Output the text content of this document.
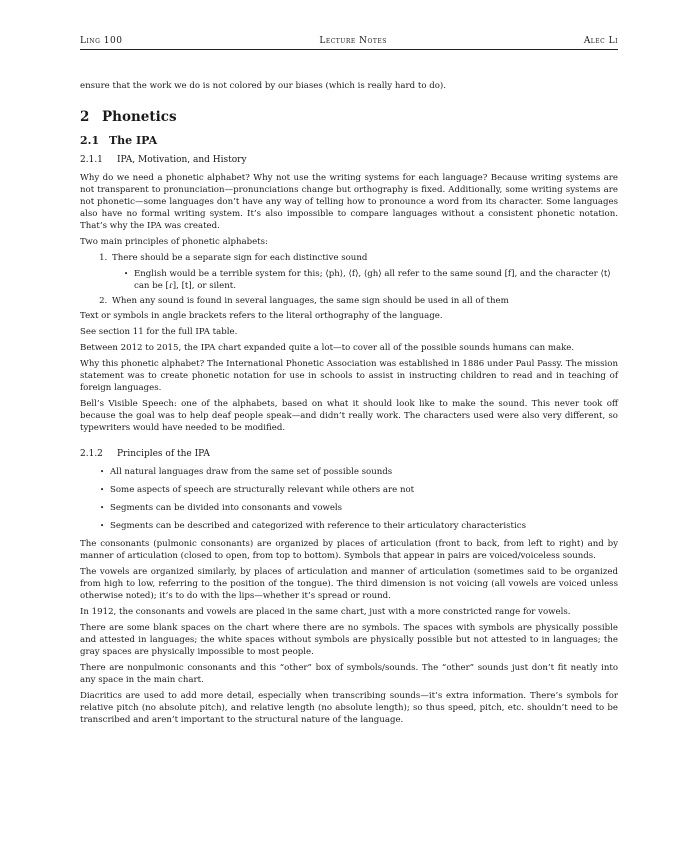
Ling 100	Lecture Notes	Alec Li

ensure that the work we do is not colored by our biases (which is really hard to do).

2 Phonetics
2.1 The IPA
2.1.1 IPA, Motivation, and History

Why do we need a phonetic alphabet? Why not use the writing systems for each language? Because writing systems are not transparent to pronunciation—pronunciations change but orthography is fixed. Additionally, some writing systems are not phonetic—some languages don’t have any way of telling how to pronounce a word from its character. Some languages also have no formal writing system. It’s also impossible to compare languages without a consistent phonetic notation. That’s why the IPA was created.

Two main principles of phonetic alphabets:

1. There should be a separate sign for each distinctive sound
• English would be a terrible system for this; ⟨ph⟩, ⟨f⟩, ⟨gh⟩ all refer to the same sound [f], and the character ⟨t⟩ can be [ɾ], [t], or silent.
2. When any sound is found in several languages, the same sign should be used in all of them

Text or symbols in angle brackets refers to the literal orthography of the language.

See section 11 for the full IPA table.

Between 2012 to 2015, the IPA chart expanded quite a lot—to cover all of the possible sounds humans can make.

Why this phonetic alphabet? The International Phonetic Association was established in 1886 under Paul Passy. The mission statement was to create phonetic notation for use in schools to assist in instructing children to read and in teaching of foreign languages.

Bell’s Visible Speech: one of the alphabets, based on what it should look like to make the sound. This never took off because the goal was to help deaf people speak—and didn’t really work. The characters used were also very different, so typewriters would have needed to be modified.

2.1.2 Principles of the IPA
• All natural languages draw from the same set of possible sounds
• Some aspects of speech are structurally relevant while others are not
• Segments can be divided into consonants and vowels
• Segments can be described and categorized with reference to their articulatory characteristics

The consonants (pulmonic consonants) are organized by places of articulation (front to back, from left to right) and by manner of articulation (closed to open, from top to bottom). Symbols that appear in pairs are voiced/voiceless sounds.

The vowels are organized similarly, by places of articulation and manner of articulation (sometimes said to be organized from high to low, referring to the position of the tongue). The third dimension is not voicing (all vowels are voiced unless otherwise noted); it’s to do with the lips—whether it’s spread or round.

In 1912, the consonants and vowels are placed in the same chart, just with a more constricted range for vowels.

There are some blank spaces on the chart where there are no symbols. The spaces with symbols are physically possible and attested in languages; the white spaces without symbols are physically possible but not attested to in languages; the gray spaces are physically impossible to most people.

There are nonpulmonic consonants and this “other” box of symbols/sounds. The “other” sounds just don’t fit neatly into any space in the main chart.

Diacritics are used to add more detail, especially when transcribing sounds—it’s extra information. There’s symbols for relative pitch (no absolute pitch), and relative length (no absolute length); so thus speed, pitch, etc. shouldn’t need to be transcribed and aren’t important to the structural nature of the language.
